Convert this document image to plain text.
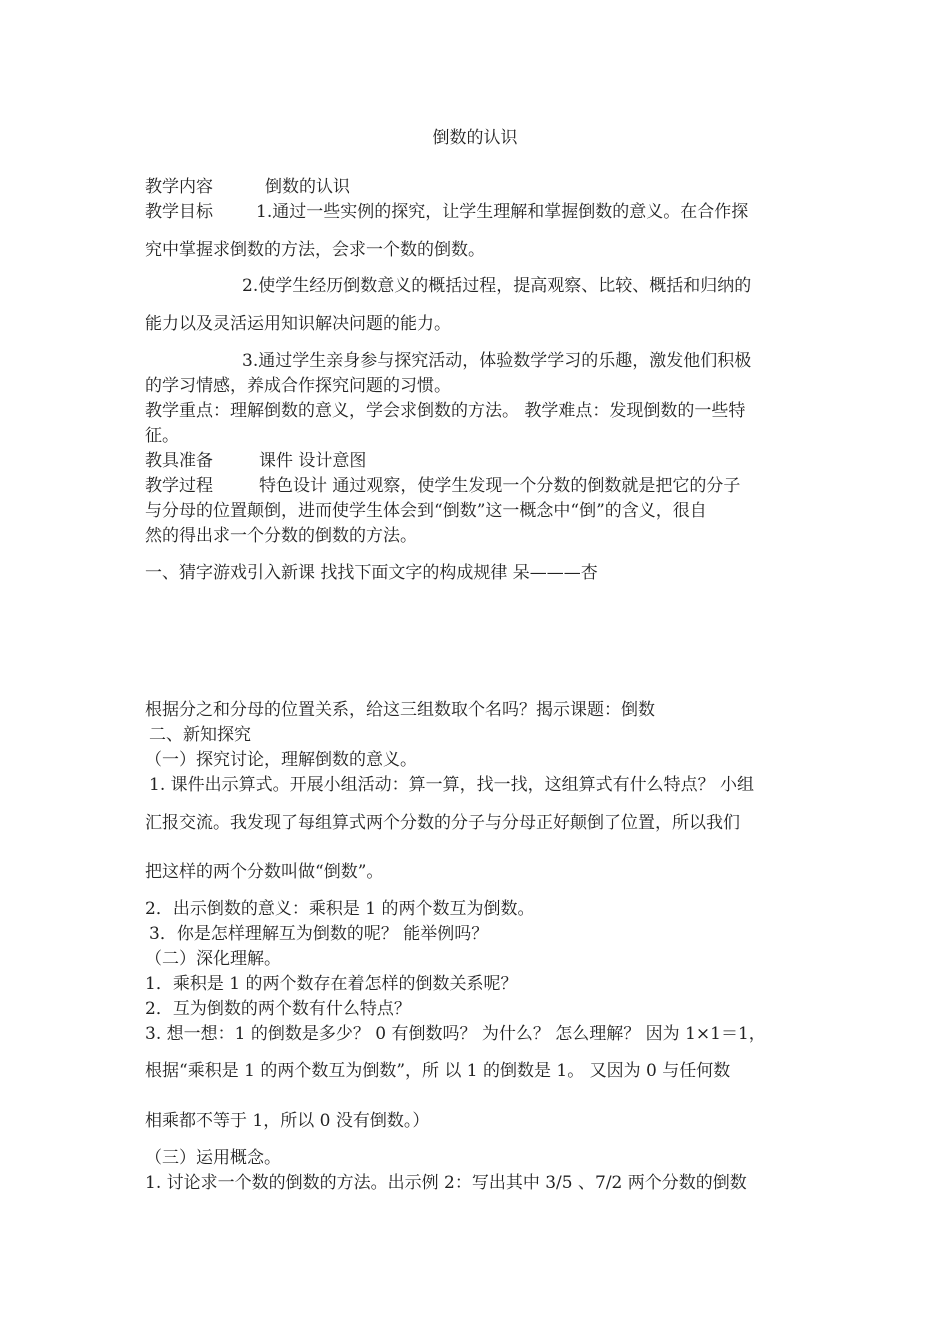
倒数的认识
教学内容	倒数的认识
教学目标	1.通过一些实例的探究，让学生理解和掌握倒数的意义。在合作探
究中掌握求倒数的方法，会求一个数的倒数。
2.使学生经历倒数意义的概括过程，提高观察、比较、概括和归纳的
能力以及灵活运用知识解决问题的能力。
3.通过学生亲身参与探究活动，体验数学学习的乐趣，激发他们积极
的学习情感，养成合作探究问题的习惯。
教学重点：理解倒数的意义，学会求倒数的方法。 教学难点：发现倒数的一些特
征。
教具准备	课件 设计意图
教学过程	特色设计 通过观察，使学生发现一个分数的倒数就是把它的分子
与分母的位置颠倒，进而使学生体会到“倒数”这一概念中“倒”的含义，很自
然的得出求一个分数的倒数的方法。
一、猜字游戏引入新课 找找下面文字的构成规律 呆———杏
根据分之和分母的位置关系，给这三组数取个名吗？揭示课题：倒数
二、新知探究
（一）探究讨论，理解倒数的意义。
1. 课件出示算式。开展小组活动：算一算，找一找，这组算式有什么特点？ 小组
汇报交流。我发现了每组算式两个分数的分子与分母正好颠倒了位置，所以我们
把这样的两个分数叫做“倒数”。
2．出示倒数的意义：乘积是 1 的两个数互为倒数。
3．你是怎样理解互为倒数的呢？ 能举例吗？
（二）深化理解。
1．乘积是 1 的两个数存在着怎样的倒数关系呢？
2．互为倒数的两个数有什么特点？
3. 想一想：1 的倒数是多少？ 0 有倒数吗？ 为什么？ 怎么理解？ 因为 1×1＝1，
根据“乘积是 1 的两个数互为倒数”，所 以 1 的倒数是 1。 又因为 0 与任何数
相乘都不等于 1，所以 0 没有倒数。）
（三）运用概念。
1. 讨论求一个数的倒数的方法。出示例 2：写出其中 3/5 、7/2 两个分数的倒数
